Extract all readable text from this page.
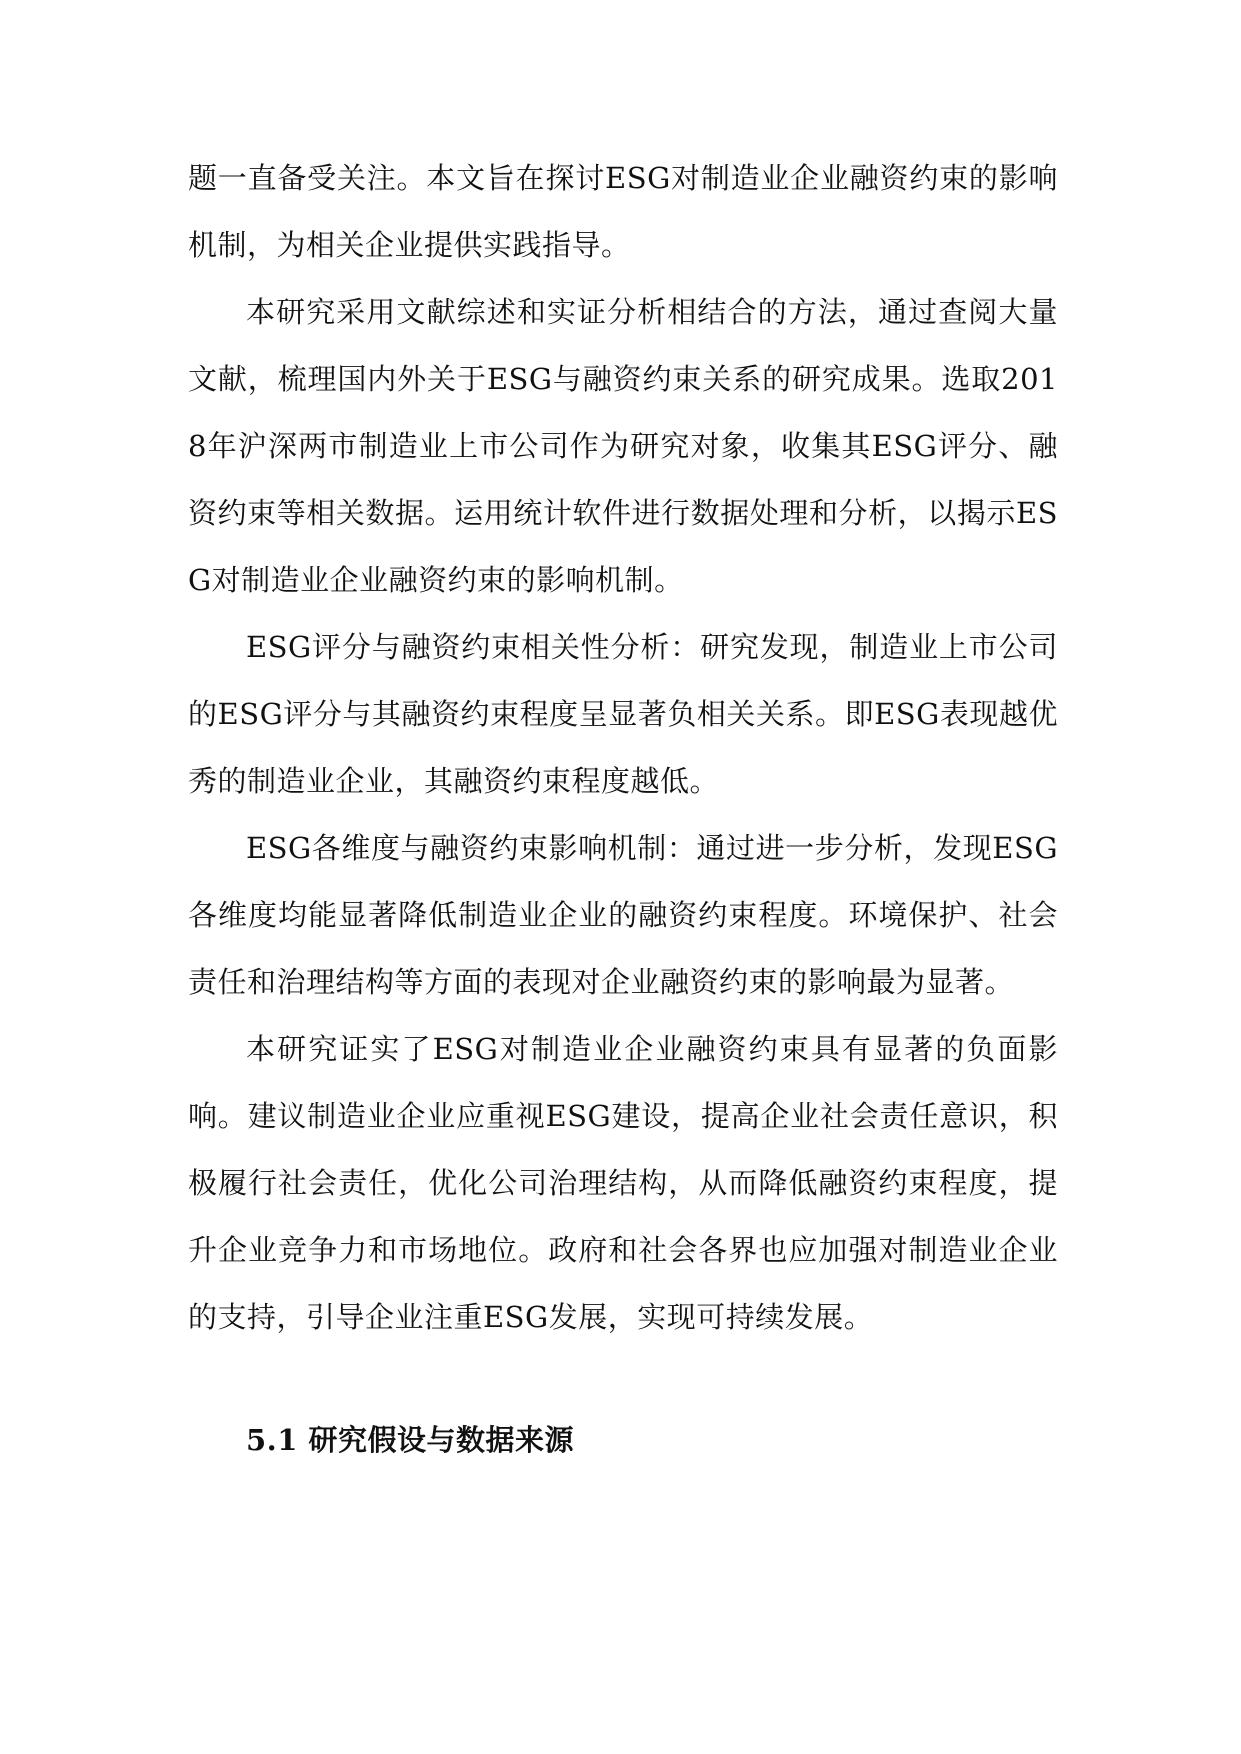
题一直备受关注。本文旨在探讨ESG对制造业企业融资约束的影响机制，为相关企业提供实践指导。

本研究采用文献综述和实证分析相结合的方法，通过查阅大量文献，梳理国内外关于ESG与融资约束关系的研究成果。选取2018年沪深两市制造业上市公司作为研究对象，收集其ESG评分、融资约束等相关数据。运用统计软件进行数据处理和分析，以揭示ESG对制造业企业融资约束的影响机制。

ESG评分与融资约束相关性分析：研究发现，制造业上市公司的ESG评分与其融资约束程度呈显著负相关关系。即ESG表现越优秀的制造业企业，其融资约束程度越低。

ESG各维度与融资约束影响机制：通过进一步分析，发现ESG各维度均能显著降低制造业企业的融资约束程度。环境保护、社会责任和治理结构等方面的表现对企业融资约束的影响最为显著。

本研究证实了ESG对制造业企业融资约束具有显著的负面影响。建议制造业企业应重视ESG建设，提高企业社会责任意识，积极履行社会责任，优化公司治理结构，从而降低融资约束程度，提升企业竞争力和市场地位。政府和社会各界也应加强对制造业企业的支持，引导企业注重ESG发展，实现可持续发展。

5.1 研究假设与数据来源
